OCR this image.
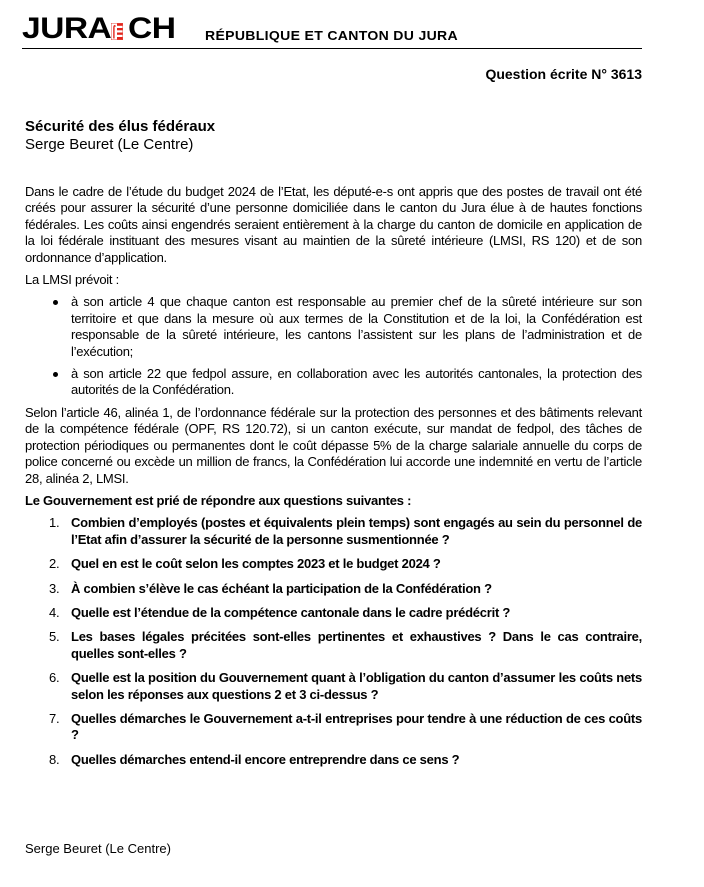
JURA CH RÉPUBLIQUE ET CANTON DU JURA
Question écrite N° 3613
Sécurité des élus fédéraux
Serge Beuret (Le Centre)

Dans le cadre de l’étude du budget 2024 de l’Etat, les député-e-s ont appris que des postes de travail ont été créés pour assurer la sécurité d’une personne domiciliée dans le canton du Jura élue à de hautes fonctions fédérales. Les coûts ainsi engendrés seraient entièrement à la charge du canton de domicile en application de la loi fédérale instituant des mesures visant au maintien de la sûreté intérieure (LMSI, RS 120) et de son ordonnance d’application.

La LMSI prévoit :

à son article 4 que chaque canton est responsable au premier chef de la sûreté intérieure sur son territoire et que dans la mesure où aux termes de la Constitution et de la loi, la Confédération est responsable de la sûreté intérieure, les cantons l’assistent sur les plans de l’administration et de l’exécution;
à son article 22 que fedpol assure, en collaboration avec les autorités cantonales, la protection des autorités de la Confédération.

Selon l’article 46, alinéa 1, de l’ordonnance fédérale sur la protection des personnes et des bâtiments relevant de la compétence fédérale (OPF, RS 120.72), si un canton exécute, sur mandat de fedpol, des tâches de protection périodiques ou permanentes dont le coût dépasse 5% de la charge salariale annuelle du corps de police concerné ou excède un million de francs, la Confédération lui accorde une indemnité en vertu de l’article 28, alinéa 2, LMSI.

Le Gouvernement est prié de répondre aux questions suivantes :

1. Combien d’employés (postes et équivalents plein temps) sont engagés au sein du personnel de l’Etat afin d’assurer la sécurité de la personne susmentionnée ?
2. Quel en est le coût selon les comptes 2023 et le budget 2024 ?
3. À combien s’élève le cas échéant la participation de la Confédération ?
4. Quelle est l’étendue de la compétence cantonale dans le cadre prédécrit ?
5. Les bases légales précitées sont-elles pertinentes et exhaustives ? Dans le cas contraire, quelles sont-elles ?
6. Quelle est la position du Gouvernement quant à l’obligation du canton d’assumer les coûts nets selon les réponses aux questions 2 et 3 ci-dessus ?
7. Quelles démarches le Gouvernement a-t-il entreprises pour tendre à une réduction de ces coûts ?
8. Quelles démarches entend-il encore entreprendre dans ce sens ?
Serge Beuret (Le Centre)
